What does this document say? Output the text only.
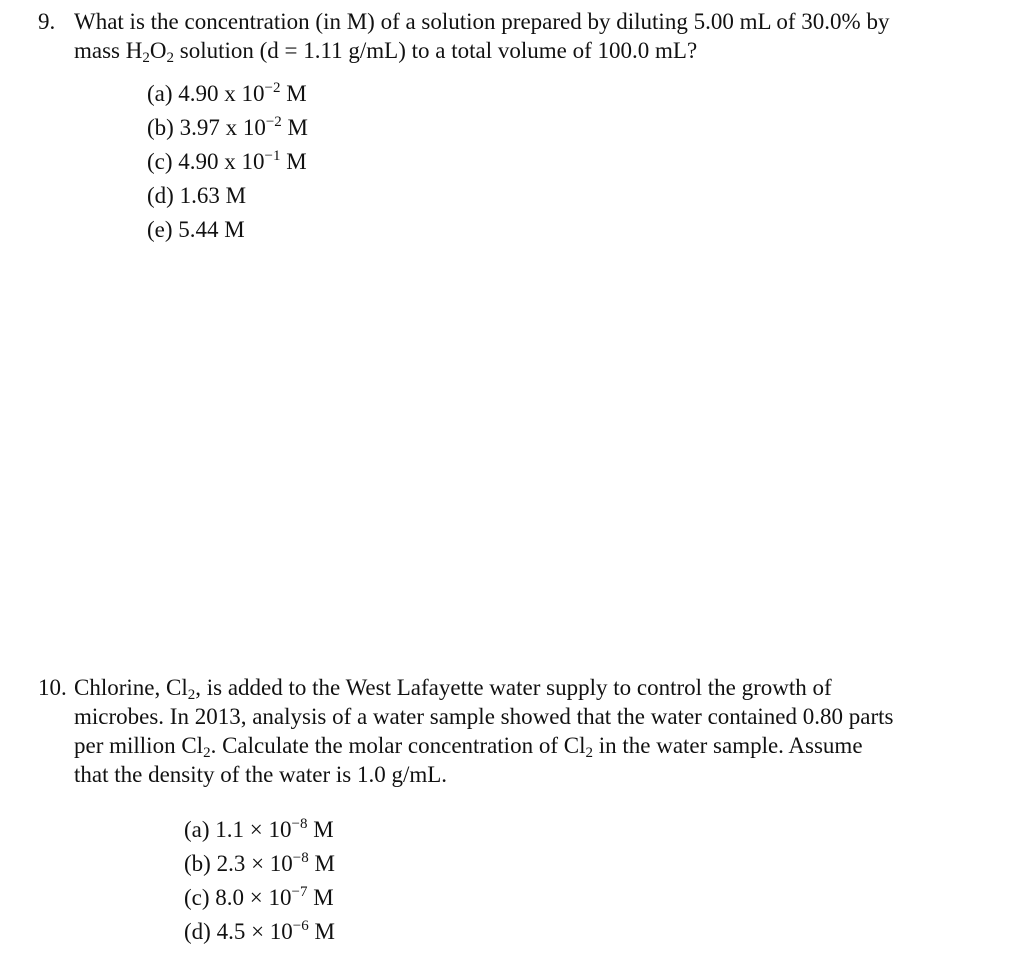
9. What is the concentration (in M) of a solution prepared by diluting 5.00 mL of 30.0% by
mass $H_2O_2$ solution (d = 1.11 g/mL) to a total volume of 100.0 mL?
(a) 4.90 x $10^{-2}$ M
(b) 3.97 x $10^{-2}$ M
(c) 4.90 x $10^{-1}$ M
(d) 1.63 M
(e) 5.44 M
10. Chlorine, $Cl_2$, is added to the West Lafayette water supply to control the growth of
microbes. In 2013, analysis of a water sample showed that the water contained 0.80 parts
per million $Cl_2$. Calculate the molar concentration of $Cl_2$ in the water sample. Assume
that the density of the water is 1.0 g/mL.
(a) $1.1 \times 10^{-8}$ M
(b) $2.3 \times 10^{-8}$ M
(c) $8.0 \times 10^{-7}$ M
(d) $4.5 \times 10^{-6}$ M
